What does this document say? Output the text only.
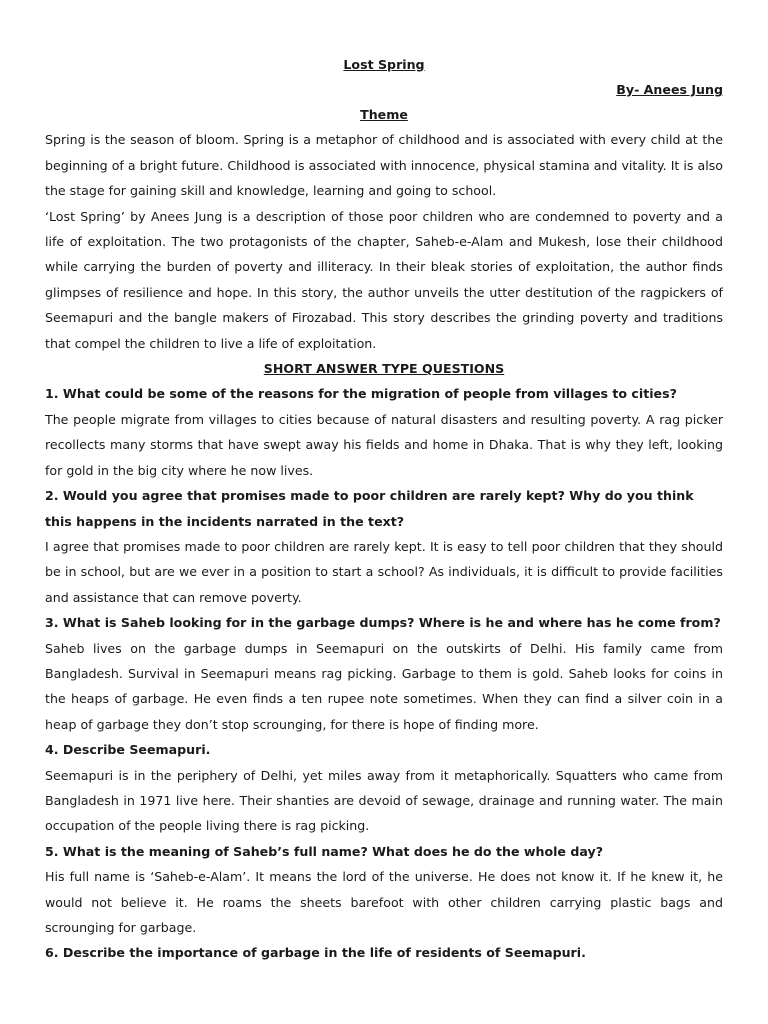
Lost Spring
By- Anees Jung
Theme

Spring is the season of bloom. Spring is a metaphor of childhood and is associated with every child at the beginning of a bright future. Childhood is associated with innocence, physical stamina and vitality. It is also the stage for gaining skill and knowledge, learning and going to school.

‘Lost Spring’ by Anees Jung is a description of those poor children who are condemned to poverty and a life of exploitation. The two protagonists of the chapter, Saheb-e-Alam and Mukesh, lose their childhood while carrying the burden of poverty and illiteracy. In their bleak stories of exploitation, the author finds glimpses of resilience and hope. In this story, the author unveils the utter destitution of the ragpickers of Seemapuri and the bangle makers of Firozabad. This story describes the grinding poverty and traditions that compel the children to live a life of exploitation.

SHORT ANSWER TYPE QUESTIONS

1. What could be some of the reasons for the migration of people from villages to cities?

The people migrate from villages to cities because of natural disasters and resulting poverty. A rag picker recollects many storms that have swept away his fields and home in Dhaka. That is why they left, looking for gold in the big city where he now lives.

2. Would you agree that promises made to poor children are rarely kept? Why do you think this happens in the incidents narrated in the text?

I agree that promises made to poor children are rarely kept. It is easy to tell poor children that they should be in school, but are we ever in a position to start a school? As individuals, it is difficult to provide facilities and assistance that can remove poverty.

3. What is Saheb looking for in the garbage dumps? Where is he and where has he come from?

Saheb lives on the garbage dumps in Seemapuri on the outskirts of Delhi. His family came from Bangladesh. Survival in Seemapuri means rag picking. Garbage to them is gold. Saheb looks for coins in the heaps of garbage. He even finds a ten rupee note sometimes. When they can find a silver coin in a heap of garbage they don’t stop scrounging, for there is hope of finding more.

4. Describe Seemapuri.

Seemapuri is in the periphery of Delhi, yet miles away from it metaphorically. Squatters who came from Bangladesh in 1971 live here. Their shanties are devoid of sewage, drainage and running water. The main occupation of the people living there is rag picking.

5. What is the meaning of Saheb’s full name? What does he do the whole day?

His full name is ‘Saheb-e-Alam’. It means the lord of the universe. He does not know it. If he knew it, he would not believe it. He roams the sheets barefoot with other children carrying plastic bags and scrounging for garbage.

6. Describe the importance of garbage in the life of residents of Seemapuri.
